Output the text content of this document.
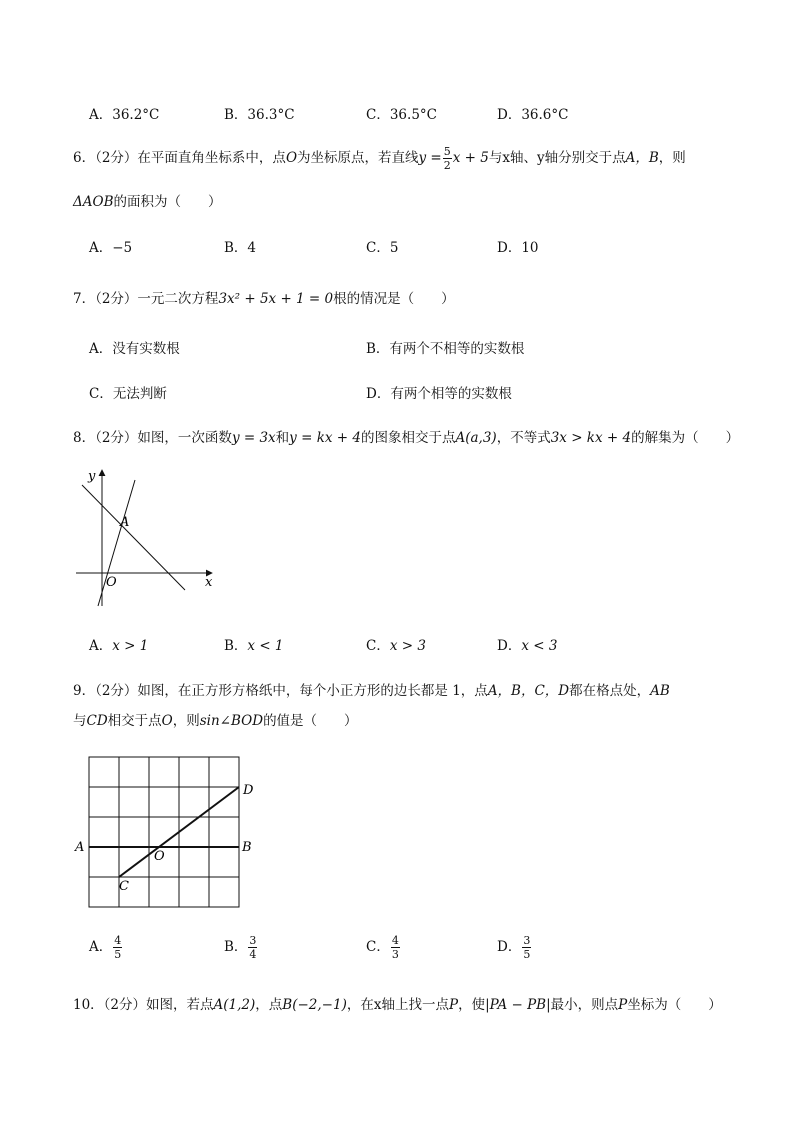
A．36.2°C	B．36.3°C	C．36.5°C	D．36.6°C
6．（2分）在平面直角坐标系中，点O为坐标原点，若直线$y = \frac{5}{2}$ x + 5与x轴、y轴分别交于点A，B，则
ΔAOB的面积为（　　）
A．−5	B．4	C．5	D．10
7．（2分）一元二次方程3x² + 5x + 1 = 0根的情况是（　　）
A．没有实数根	B．有两个不相等的实数根
C．无法判断	D．有两个相等的实数根
8．（2分）如图，一次函数y = 3x和y = kx + 4的图象相交于点A(a,3)，不等式3x > kx + 4的解集为（　　）
y
x
A
O
A．x > 1	B．x < 1	C．x > 3	D．x < 3
9．（2分）如图，在正方形方格纸中，每个小正方形的边长都是 1，点A，B，C，D都在格点处，AB
与CD相交于点O，则sin∠BOD的值是（　　）
A	B
C
D
O
A． $\frac{4}{5}$	B． $\frac{3}{4}$	C． $\frac{4}{3}$	D． $\frac{3}{5}$
10．（2分）如图，若点A(1,2)，点B(−2,−1)，在x轴上找一点P，使|PA − PB|最小，则点P坐标为（　　）
